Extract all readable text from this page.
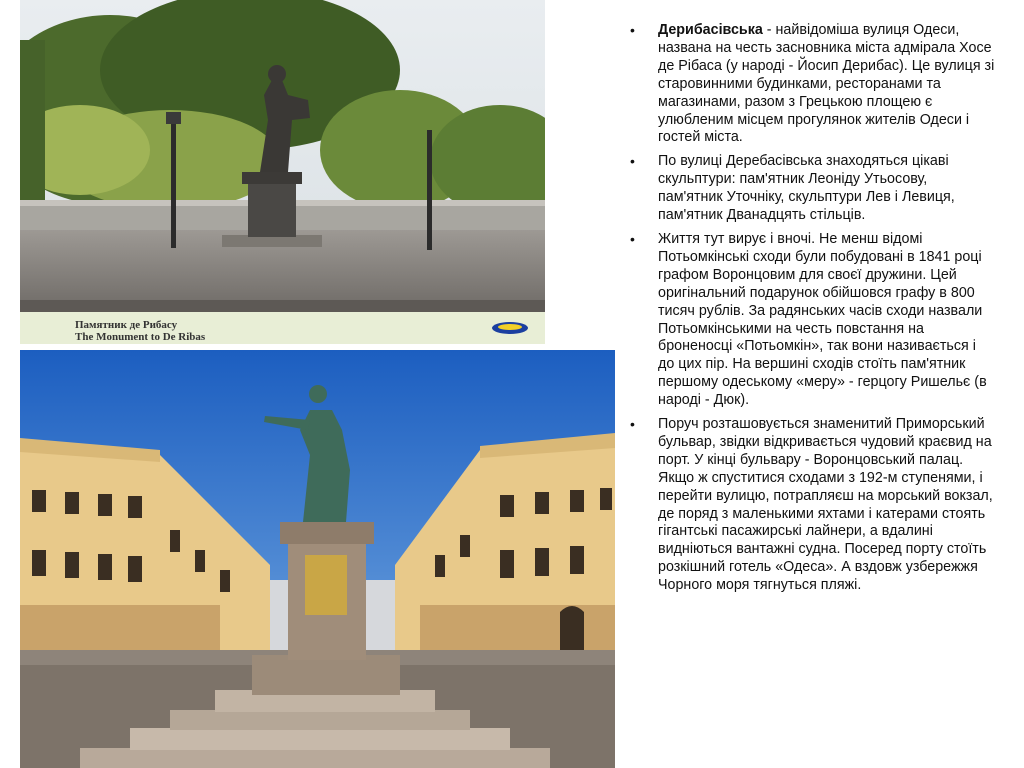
Памятник де Рибасу
The Monument to De Ribas
• Дерибасівська - найвідоміша вулиця Одеси, названа на честь засновника міста адмірала Хосе де Рібаса (у народі - Йосип Дерибас). Це вулиця зі старовинними будинками, ресторанами та магазинами, разом з Грецькою площею є улюбленим місцем прогулянок жителів Одеси і гостей міста.
• По вулиці Деребасівська знаходяться цікаві скульптури: пам'ятник Леоніду Утьосову, пам'ятник Уточніку, скульптури Лев і Левиця, пам'ятник Дванадцять стільців.
• Життя тут вирує і вночі. Не менш відомі Потьомкінські сходи були побудовані в 1841 році графом Воронцовим для своєї дружини. Цей оригінальний подарунок обійшовся графу в 800 тисяч рублів. За радянських часів сходи назвали Потьомкінськими на честь повстання на броненосці «Потьомкін», так вони називається і до цих пір. На вершині сходів стоїть пам'ятник першому одеському «меру» - герцогу Ришельє (в народі - Дюк).
• Поруч розташовується знаменитий Приморський бульвар, звідки відкривається чудовий краєвид на порт. У кінці бульвару - Воронцовський палац. Якщо ж спуститися сходами з 192-м ступенями, і перейти вулицю, потрапляєш на морський вокзал, де поряд з маленькими яхтами і катерами стоять гігантські пасажирські лайнери, а вдалині видніються вантажні судна. Посеред порту стоїть розкішний готель «Одеса». А вздовж узбережжя Чорного моря тягнуться пляжі.
